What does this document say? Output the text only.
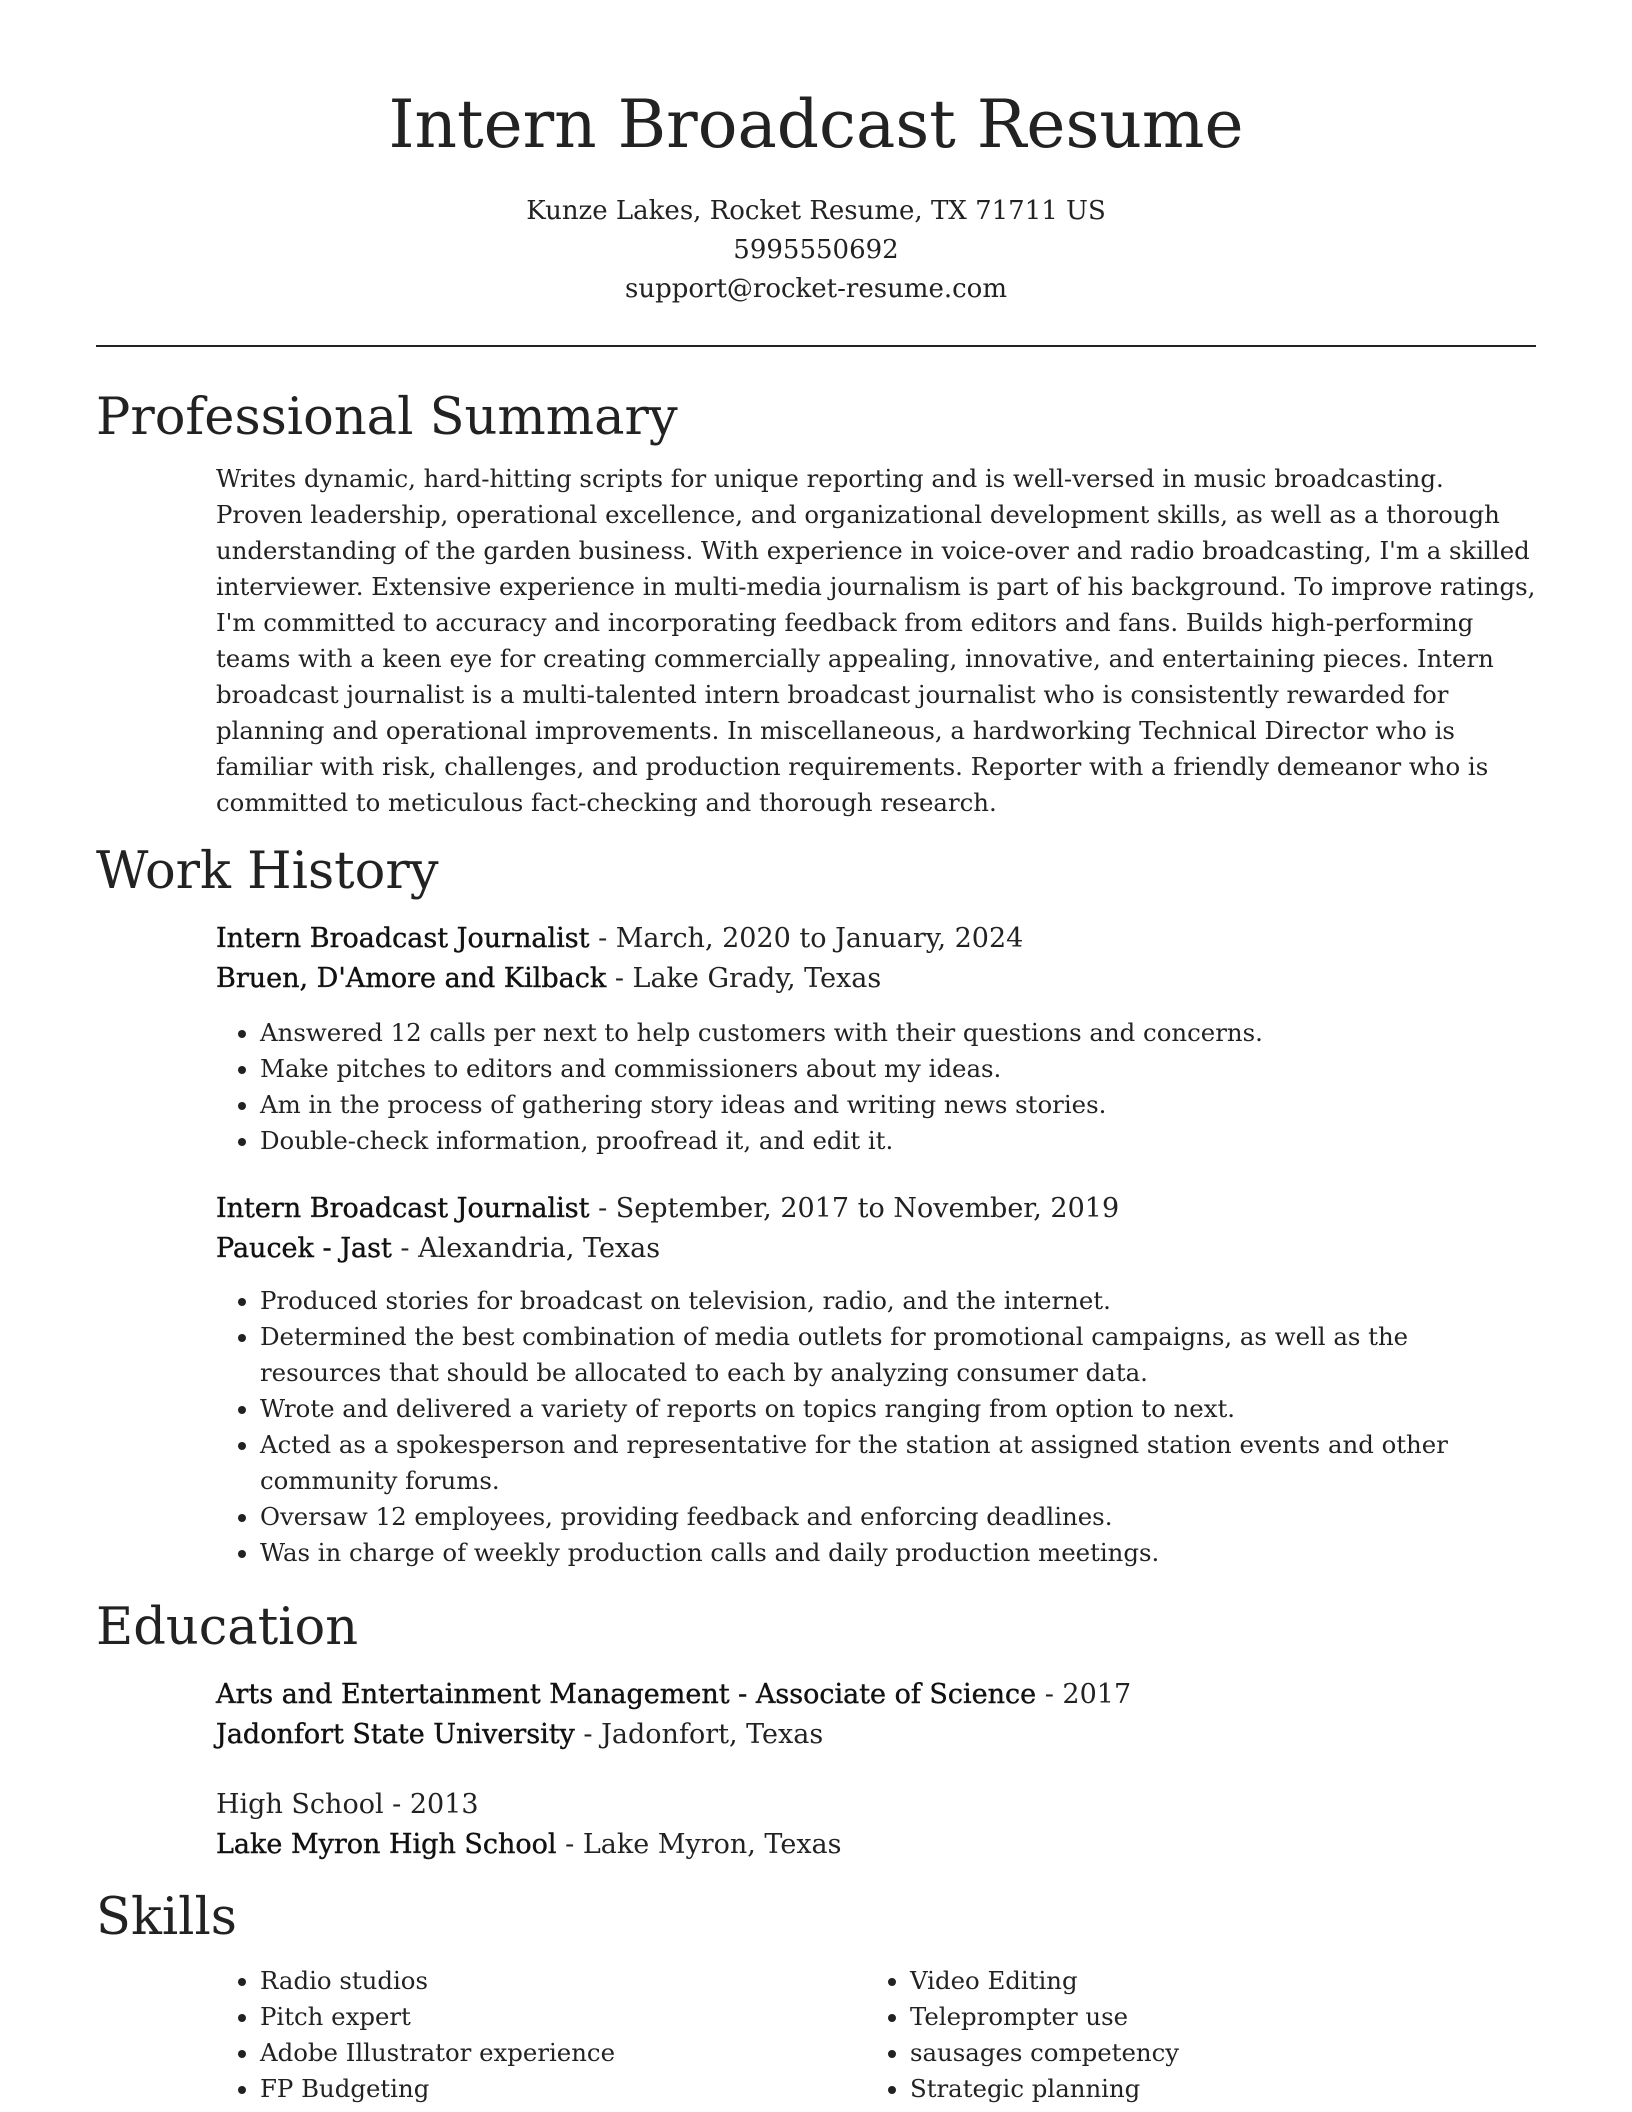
Intern Broadcast Resume
Kunze Lakes, Rocket Resume, TX 71711 US
5995550692
support@rocket-resume.com
Professional Summary

Writes dynamic, hard-hitting scripts for unique reporting and is well-versed in music broadcasting. Proven leadership, operational excellence, and organizational development skills, as well as a thorough understanding of the garden business. With experience in voice-over and radio broadcasting, I'm a skilled interviewer. Extensive experience in multi-media journalism is part of his background. To improve ratings, I'm committed to accuracy and incorporating feedback from editors and fans. Builds high-performing teams with a keen eye for creating commercially appealing, innovative, and entertaining pieces. Intern broadcast journalist is a multi-talented intern broadcast journalist who is consistently rewarded for planning and operational improvements. In miscellaneous, a hardworking Technical Director who is familiar with risk, challenges, and production requirements. Reporter with a friendly demeanor who is committed to meticulous fact-checking and thorough research.

Work History
Intern Broadcast Journalist - March, 2020 to January, 2024
Bruen, D'Amore and Kilback - Lake Grady, Texas
• Answered 12 calls per next to help customers with their questions and concerns.
• Make pitches to editors and commissioners about my ideas.
• Am in the process of gathering story ideas and writing news stories.
• Double-check information, proofread it, and edit it.
Intern Broadcast Journalist - September, 2017 to November, 2019
Paucek - Jast - Alexandria, Texas
• Produced stories for broadcast on television, radio, and the internet.
• Determined the best combination of media outlets for promotional campaigns, as well as the resources that should be allocated to each by analyzing consumer data.
• Wrote and delivered a variety of reports on topics ranging from option to next.
• Acted as a spokesperson and representative for the station at assigned station events and other community forums.
• Oversaw 12 employees, providing feedback and enforcing deadlines.
• Was in charge of weekly production calls and daily production meetings.
Education
Arts and Entertainment Management - Associate of Science - 2017
Jadonfort State University - Jadonfort, Texas
High School - 2013
Lake Myron High School - Lake Myron, Texas
Skills
• Radio studios
• Pitch expert
• Adobe Illustrator experience
• FP Budgeting
• Video Editing
• Teleprompter use
• sausages competency
• Strategic planning
